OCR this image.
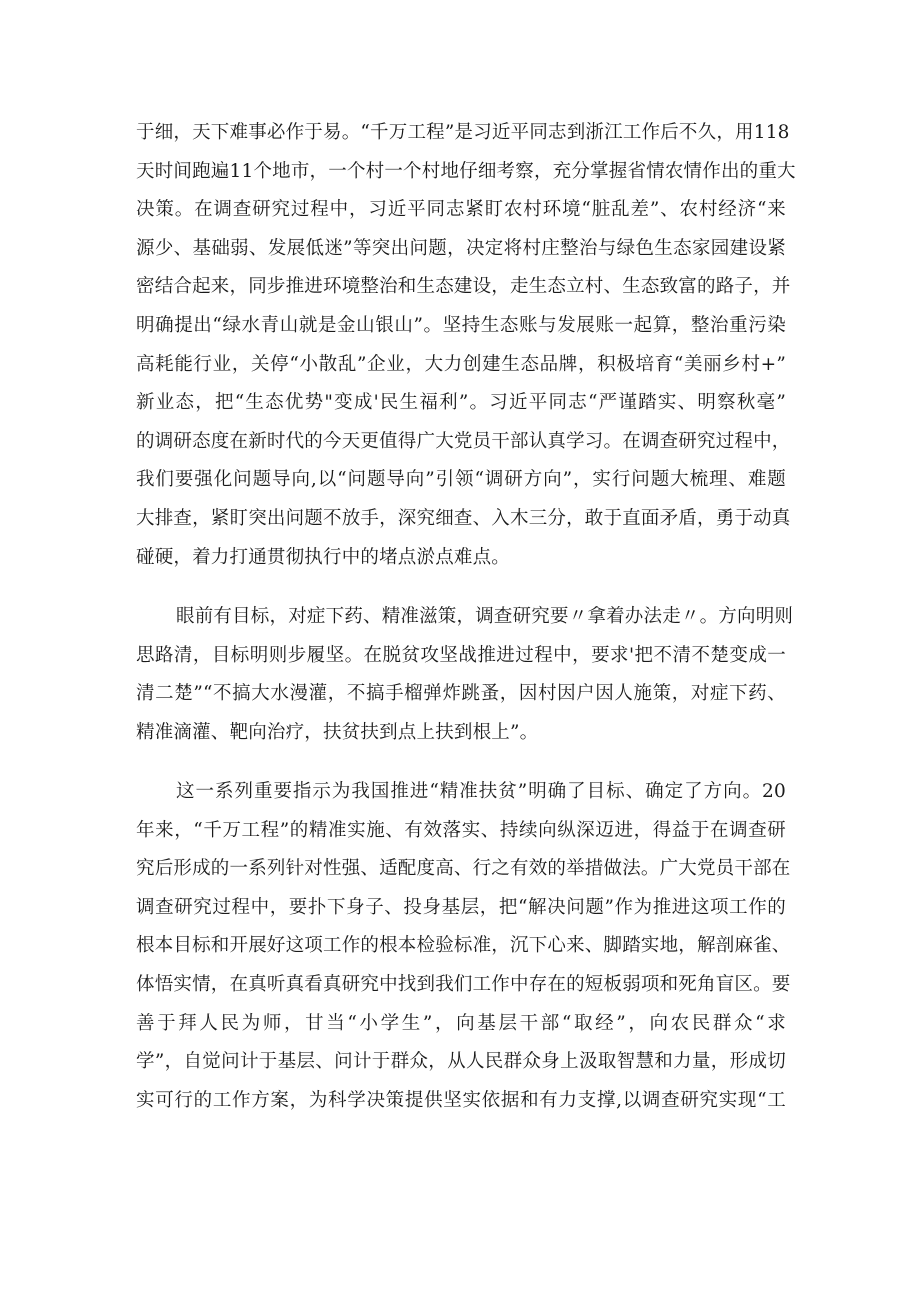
于细，天下难事必作于易。“千万工程”是习近平同志到浙江工作后不久，用118
天时间跑遍11个地市，一个村一个村地仔细考察，充分掌握省情农情作出的重大
决策。在调查研究过程中，习近平同志紧盯农村环境“脏乱差”、农村经济“来
源少、基础弱、发展低迷”等突出问题，决定将村庄整治与绿色生态家园建设紧
密结合起来，同步推进环境整治和生态建设，走生态立村、生态致富的路子，并
明确提出“绿水青山就是金山银山”。坚持生态账与发展账一起算，整治重污染
高耗能行业，关停“小散乱”企业，大力创建生态品牌，积极培育“美丽乡村+”
新业态，把“生态优势"变成'民生福利”。习近平同志“严谨踏实、明察秋毫”
的调研态度在新时代的今天更值得广大党员干部认真学习。在调查研究过程中，
我们要强化问题导向,以“问题导向”引领“调研方向”，实行问题大梳理、难题
大排查，紧盯突出问题不放手，深究细查、入木三分，敢于直面矛盾，勇于动真
碰硬，着力打通贯彻执行中的堵点淤点难点。
眼前有目标，对症下药、精准滋策，调查研究要〃拿着办法走〃。方向明则
思路清，目标明则步履坚。在脱贫攻坚战推进过程中，要求'把不清不楚变成一
清二楚”“不搞大水漫灌，不搞手榴弹炸跳蚤，因村因户因人施策，对症下药、
精准滴灌、靶向治疗，扶贫扶到点上扶到根上”。
这一系列重要指示为我国推进“精准扶贫”明确了目标、确定了方向。20
年来，“千万工程”的精准实施、有效落实、持续向纵深迈进，得益于在调查研
究后形成的一系列针对性强、适配度高、行之有效的举措做法。广大党员干部在
调查研究过程中，要扑下身子、投身基层，把“解决问题”作为推进这项工作的
根本目标和开展好这项工作的根本检验标准，沉下心来、脚踏实地，解剖麻雀、
体悟实情，在真听真看真研究中找到我们工作中存在的短板弱项和死角盲区。要
善于拜人民为师，甘当“小学生”，向基层干部“取经”，向农民群众“求
学”，自觉问计于基层、问计于群众，从人民群众身上汲取智慧和力量，形成切
实可行的工作方案，为科学决策提供坚实依据和有力支撑,以调查研究实现“工
